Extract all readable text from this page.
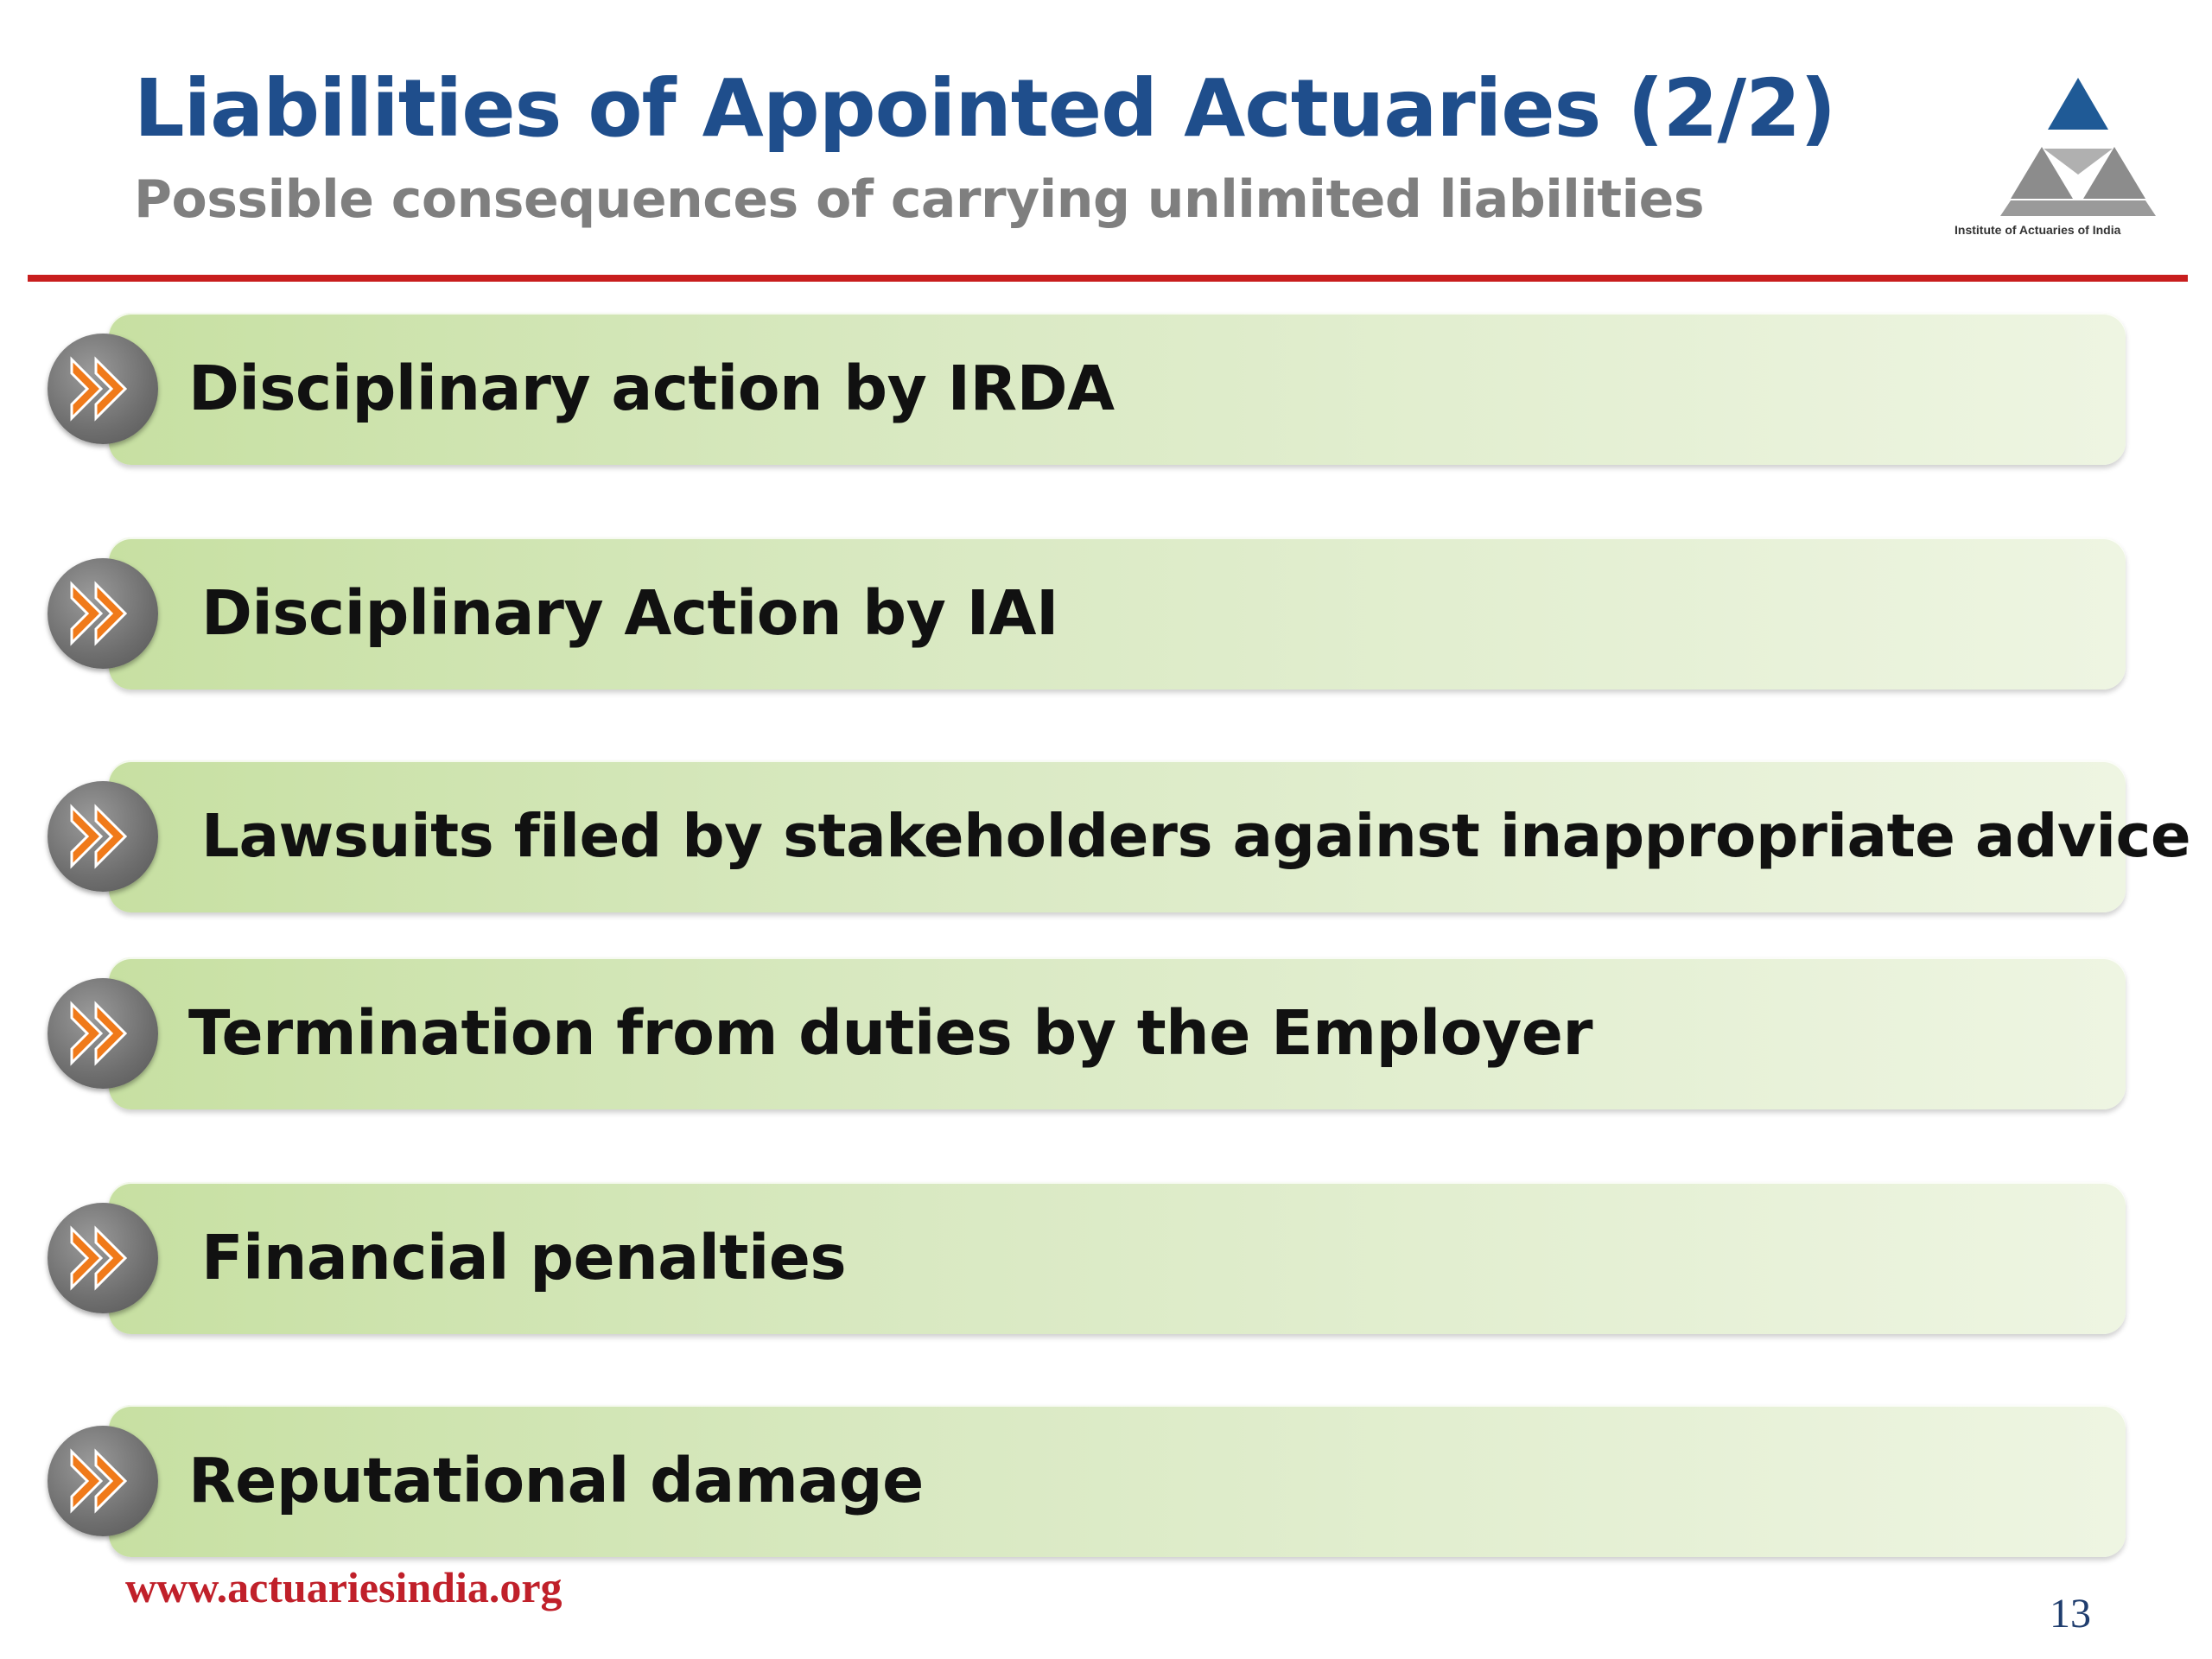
Liabilities of Appointed Actuaries (2/2)
Possible consequences of carrying unlimited liabilities	Institute of Actuaries of India
Disciplinary action by IRDA
Disciplinary Action by IAI
Lawsuits filed by stakeholders against inappropriate advice
Termination from duties by the Employer
Financial penalties
Reputational damage
www.actuariesindia.org
13
